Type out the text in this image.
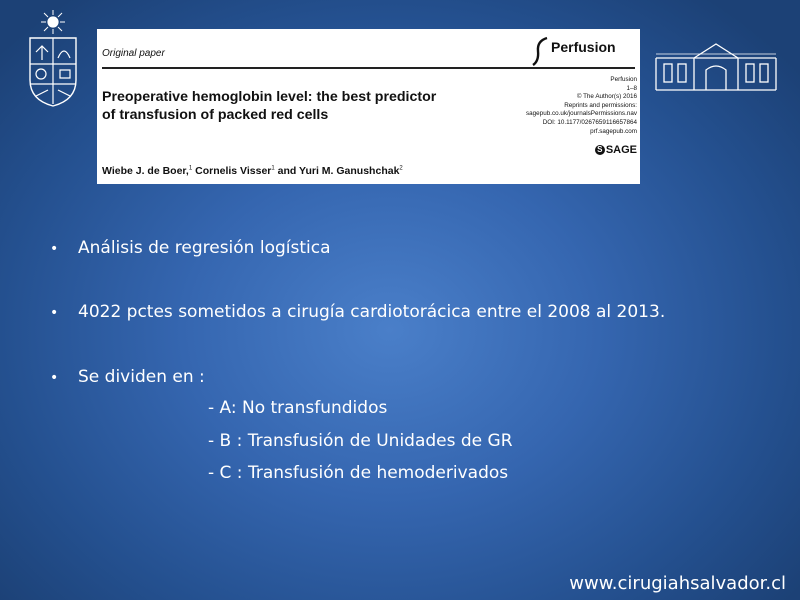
Original paper	Perfusion
Preoperative hemoglobin level: the best predictor of transfusion of packed red cells
Perfusion
1–8
© The Author(s) 2016
Reprints and permissions:
sagepub.co.uk/journalsPermissions.nav
DOI: 10.1177/0267659116657864
prf.sagepub.com
S SAGE
Wiebe J. de Boer,$^1$ Cornelis Visser$^1$ and Yuri M. Ganushchak$^2$
•	Análisis de regresión logística
•	4022 pctes sometidos a cirugía cardiotorácica entre el 2008 al 2013.
•	Se dividen en :
- A: No transfundidos
- B : Transfusión de Unidades de GR
- C : Transfusión de hemoderivados
www.cirugiahsalvador.cl
